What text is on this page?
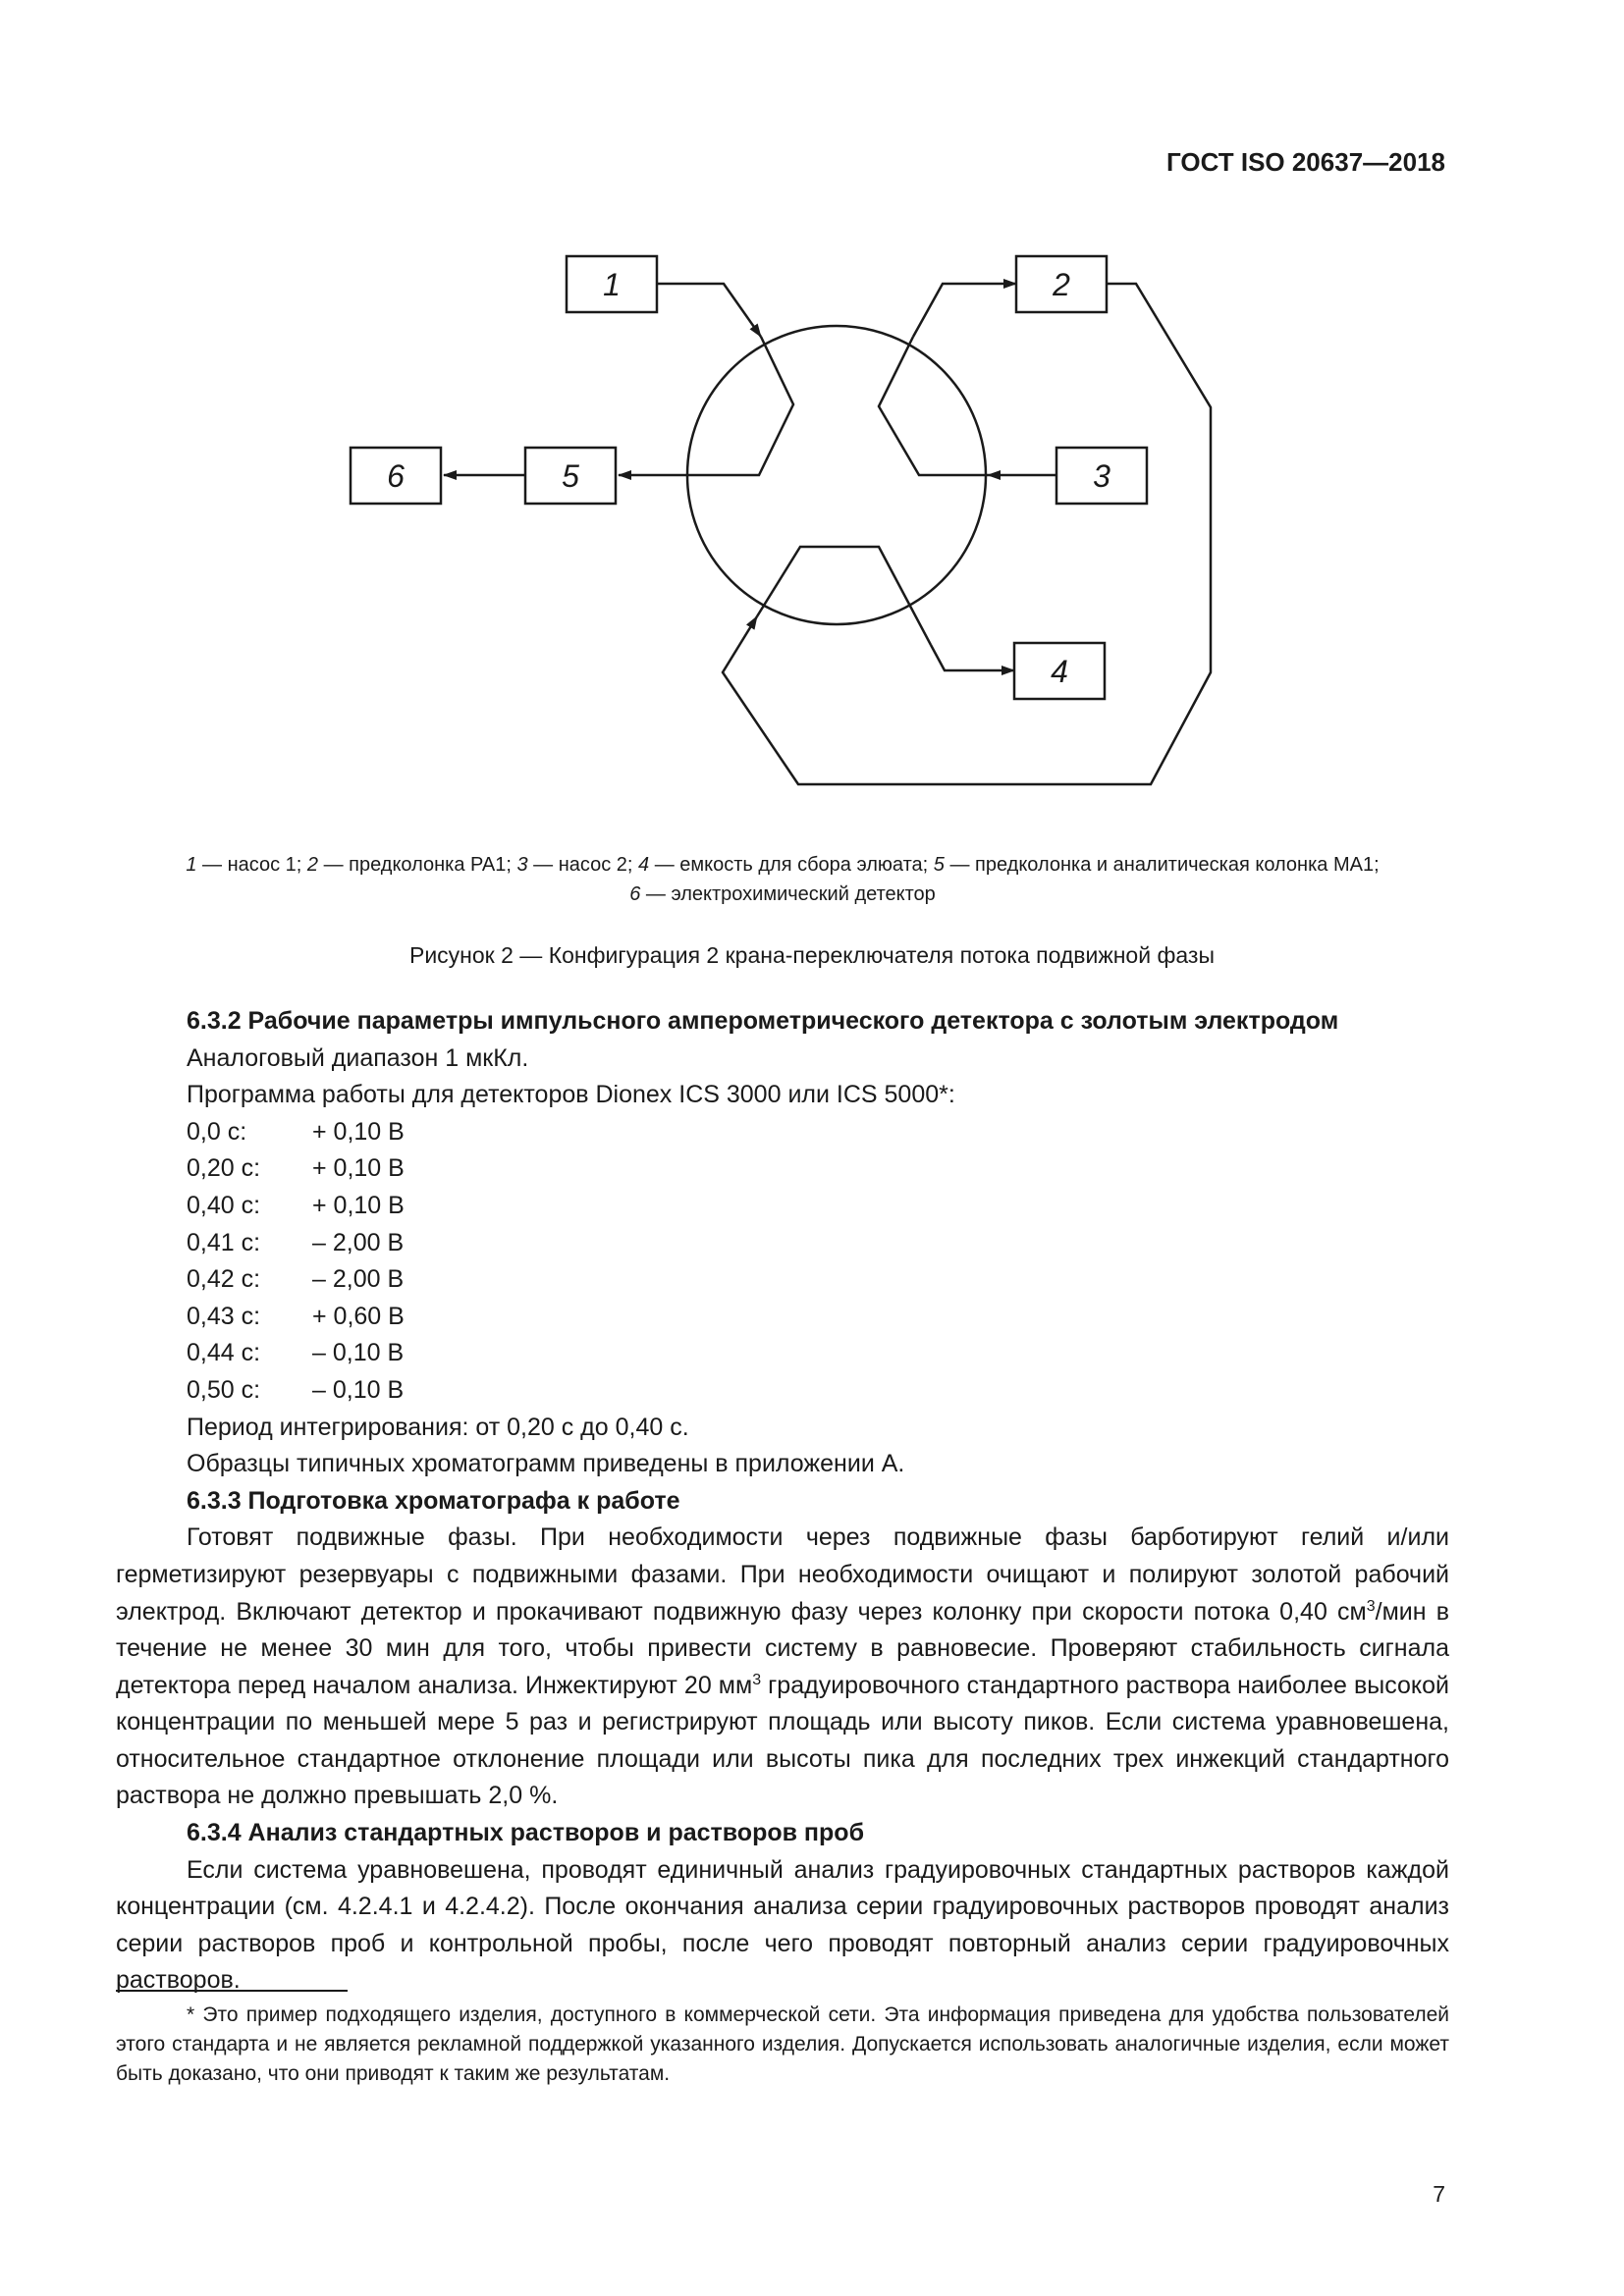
ГОСТ ISO 20637—2018
1	2
3
4
5
6
1 — насос 1; 2 — предколонка PA1; 3 — насос 2; 4 — емкость для сбора элюата; 5 — предколонка и аналитическая колонка МА1;
6 — электрохимический детектор
Рисунок 2 — Конфигурация 2 крана-переключателя потока подвижной фазы

6.3.2 Рабочие параметры импульсного амперометрического детектора с золотым электродом

Аналоговый диапазон 1 мкКл.

Программа работы для детекторов Dionex ICS 3000 или ICS 5000*:

0,0 с:	+ 0,10 В
0,20 с:	+ 0,10 В
0,40 с:	+ 0,10 В
0,41 с:	– 2,00 В
0,42 с:	– 2,00 В
0,43 с:	+ 0,60 В
0,44 с:	– 0,10 В
0,50 с:	– 0,10 В

Период интегрирования: от 0,20 с до 0,40 с.

Образцы типичных хроматограмм приведены в приложении А.

6.3.3 Подготовка хроматографа к работе

Готовят подвижные фазы. При необходимости через подвижные фазы барботируют гелий и/или герметизируют резервуары с подвижными фазами. При необходимости очищают и полируют золотой рабочий электрод. Включают детектор и прокачивают подвижную фазу через колонку при скорости потока 0,40 $см^3$/мин в течение не менее 30 мин для того, чтобы привести систему в равновесие. Проверяют стабильность сигнала детектора перед началом анализа. Инжектируют 20 $мм^3$ градуировочного стандартного раствора наиболее высокой концентрации по меньшей мере 5 раз и регистрируют площадь или высоту пиков. Если система уравновешена, относительное стандартное отклонение площади или высоты пика для последних трех инжекций стандартного раствора не должно превышать 2,0 %.

6.3.4 Анализ стандартных растворов и растворов проб

Если система уравновешена, проводят единичный анализ градуировочных стандартных растворов каждой концентрации (см. 4.2.4.1 и 4.2.4.2). После окончания анализа серии градуировочных растворов проводят анализ серии растворов проб и контрольной пробы, после чего проводят повторный анализ серии градуировочных растворов.

* Это пример подходящего изделия, доступного в коммерческой сети. Эта информация приведена для удобства пользователей этого стандарта и не является рекламной поддержкой указанного изделия. Допускается использовать аналогичные изделия, если может быть доказано, что они приводят к таким же результатам.
7
